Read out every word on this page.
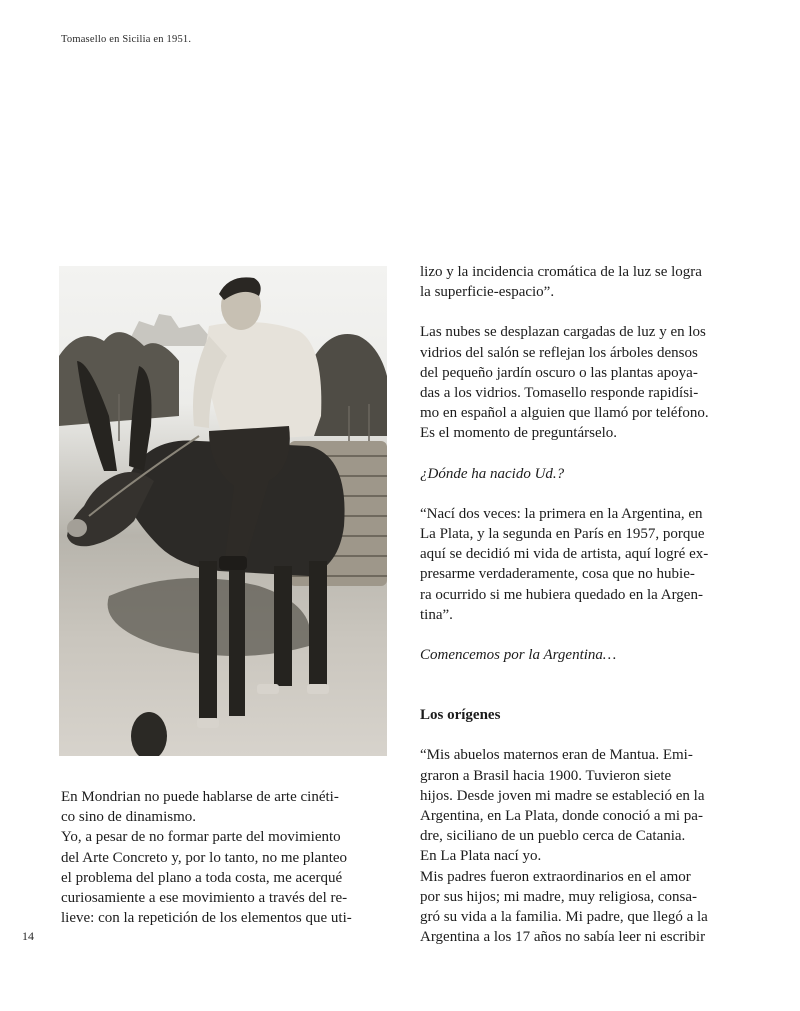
Tomasello en Sicilia en 1951.

En Mondrian no puede hablarse de arte cinéti-

co sino de dinamismo.

Yo, a pesar de no formar parte del movimiento

del Arte Concreto y, por lo tanto, no me planteo

el problema del plano a toda costa, me acerqué

curiosamiente a ese movimiento a través del re-

lieve: con la repetición de los elementos que uti-

lizo y la incidencia cromática de la luz se logra

la superficie-espacio”.

Las nubes se desplazan cargadas de luz y en los

vidrios del salón se reflejan los árboles densos

del pequeño jardín oscuro o las plantas apoya-

das a los vidrios. Tomasello responde rapidísi-

mo en español a alguien que llamó por teléfono.

Es el momento de preguntárselo.

¿Dónde ha nacido Ud.?

“Nací dos veces: la primera en la Argentina, en

La Plata, y la segunda en París en 1957, porque

aquí se decidió mi vida de artista, aquí logré ex-

presarme verdaderamente, cosa que no hubie-

ra ocurrido si me hubiera quedado en la Argen-

tina”.

Comencemos por la Argentina…

Los orígenes

“Mis abuelos maternos eran de Mantua. Emi-

graron a Brasil hacia 1900. Tuvieron siete

hijos. Desde joven mi madre se estableció en la

Argentina, en La Plata, donde conoció a mi pa-

dre, siciliano de un pueblo cerca de Catania.

En La Plata nací yo.

Mis padres fueron extraordinarios en el amor

por sus hijos; mi madre, muy religiosa, consa-

gró su vida a la familia. Mi padre, que llegó a la

Argentina a los 17 años no sabía leer ni escribir

14
